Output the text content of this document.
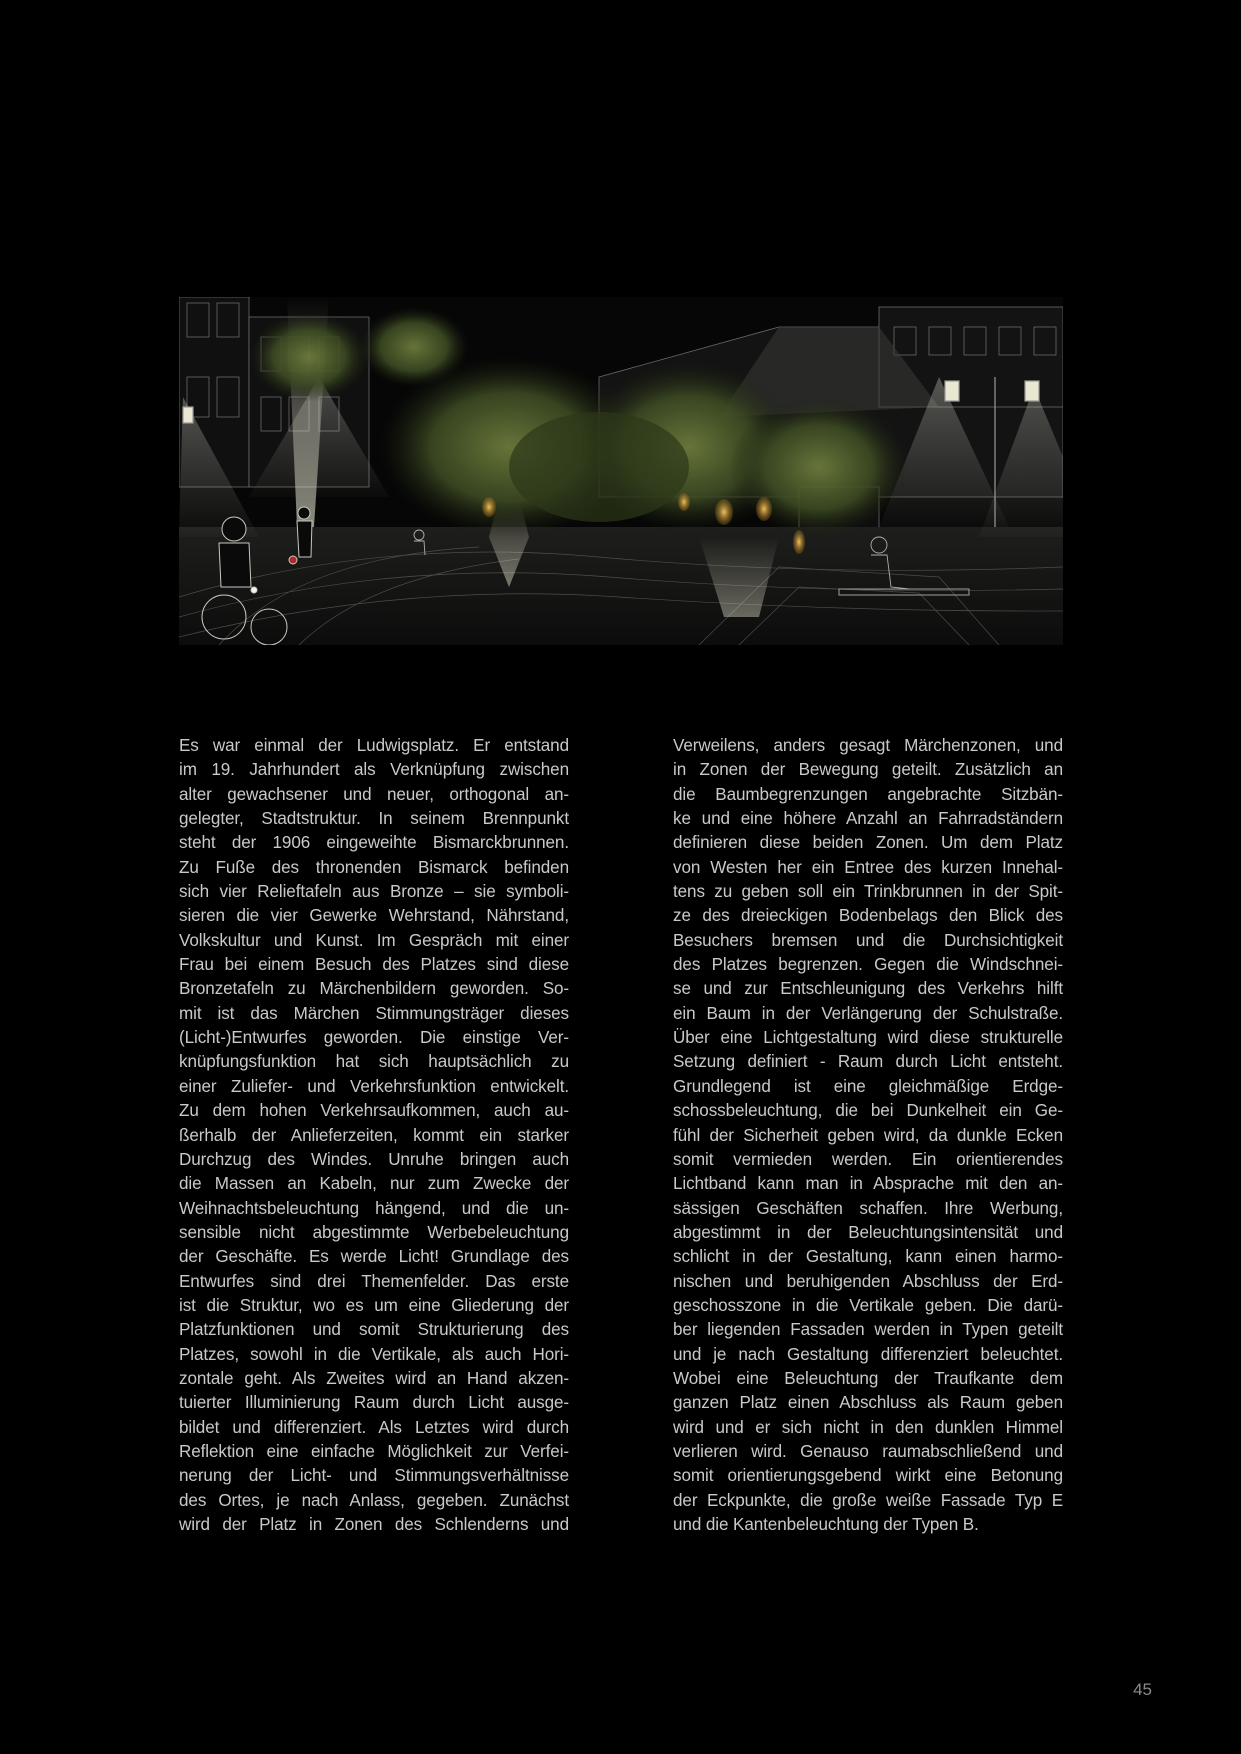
Es war einmal der Ludwigsplatz. Er entstand
im 19. Jahrhundert als Verknüpfung zwischen
alter gewachsener und neuer, orthogonal an-
gelegter, Stadtstruktur. In seinem Brennpunkt
steht der 1906 eingeweihte Bismarckbrunnen.
Zu Fuße des thronenden Bismarck befinden
sich vier Relieftafeln aus Bronze – sie symboli-
sieren die vier Gewerke Wehrstand, Nährstand,
Volkskultur und Kunst. Im Gespräch mit einer
Frau bei einem Besuch des Platzes sind diese
Bronzetafeln zu Märchenbildern geworden. So-
mit ist das Märchen Stimmungsträger dieses
(Licht-)Entwurfes geworden. Die einstige Ver-
knüpfungsfunktion hat sich hauptsächlich zu
einer Zuliefer- und Verkehrsfunktion entwickelt.
Zu dem hohen Verkehrsaufkommen, auch au-
ßerhalb der Anlieferzeiten, kommt ein starker
Durchzug des Windes. Unruhe bringen auch
die Massen an Kabeln, nur zum Zwecke der
Weihnachtsbeleuchtung hängend, und die un-
sensible nicht abgestimmte Werbebeleuchtung
der Geschäfte. Es werde Licht! Grundlage des
Entwurfes sind drei Themenfelder. Das erste
ist die Struktur, wo es um eine Gliederung der
Platzfunktionen und somit Strukturierung des
Platzes, sowohl in die Vertikale, als auch Hori-
zontale geht. Als Zweites wird an Hand akzen-
tuierter Illuminierung Raum durch Licht ausge-
bildet und differenziert. Als Letztes wird durch
Reflektion eine einfache Möglichkeit zur Verfei-
nerung der Licht- und Stimmungsverhältnisse
des Ortes, je nach Anlass, gegeben. Zunächst
wird der Platz in Zonen des Schlenderns und
Verweilens, anders gesagt Märchenzonen, und
in Zonen der Bewegung geteilt. Zusätzlich an
die Baumbegrenzungen angebrachte Sitzbän-
ke und eine höhere Anzahl an Fahrradständern
definieren diese beiden Zonen. Um dem Platz
von Westen her ein Entree des kurzen Innehal-
tens zu geben soll ein Trinkbrunnen in der Spit-
ze des dreieckigen Bodenbelags den Blick des
Besuchers bremsen und die Durchsichtigkeit
des Platzes begrenzen. Gegen die Windschnei-
se und zur Entschleunigung des Verkehrs hilft
ein Baum in der Verlängerung der Schulstraße.
Über eine Lichtgestaltung wird diese strukturelle
Setzung definiert - Raum durch Licht entsteht.
Grundlegend ist eine gleichmäßige Erdge-
schossbeleuchtung, die bei Dunkelheit ein Ge-
fühl der Sicherheit geben wird, da dunkle Ecken
somit vermieden werden. Ein orientierendes
Lichtband kann man in Absprache mit den an-
sässigen Geschäften schaffen. Ihre Werbung,
abgestimmt in der Beleuchtungsintensität und
schlicht in der Gestaltung, kann einen harmo-
nischen und beruhigenden Abschluss der Erd-
geschosszone in die Vertikale geben. Die darü-
ber liegenden Fassaden werden in Typen geteilt
und je nach Gestaltung differenziert beleuchtet.
Wobei eine Beleuchtung der Traufkante dem
ganzen Platz einen Abschluss als Raum geben
wird und er sich nicht in den dunklen Himmel
verlieren wird. Genauso raumabschließend und
somit orientierungsgebend wirkt eine Betonung
der Eckpunkte, die große weiße Fassade Typ E
und die Kantenbeleuchtung der Typen B.
45
